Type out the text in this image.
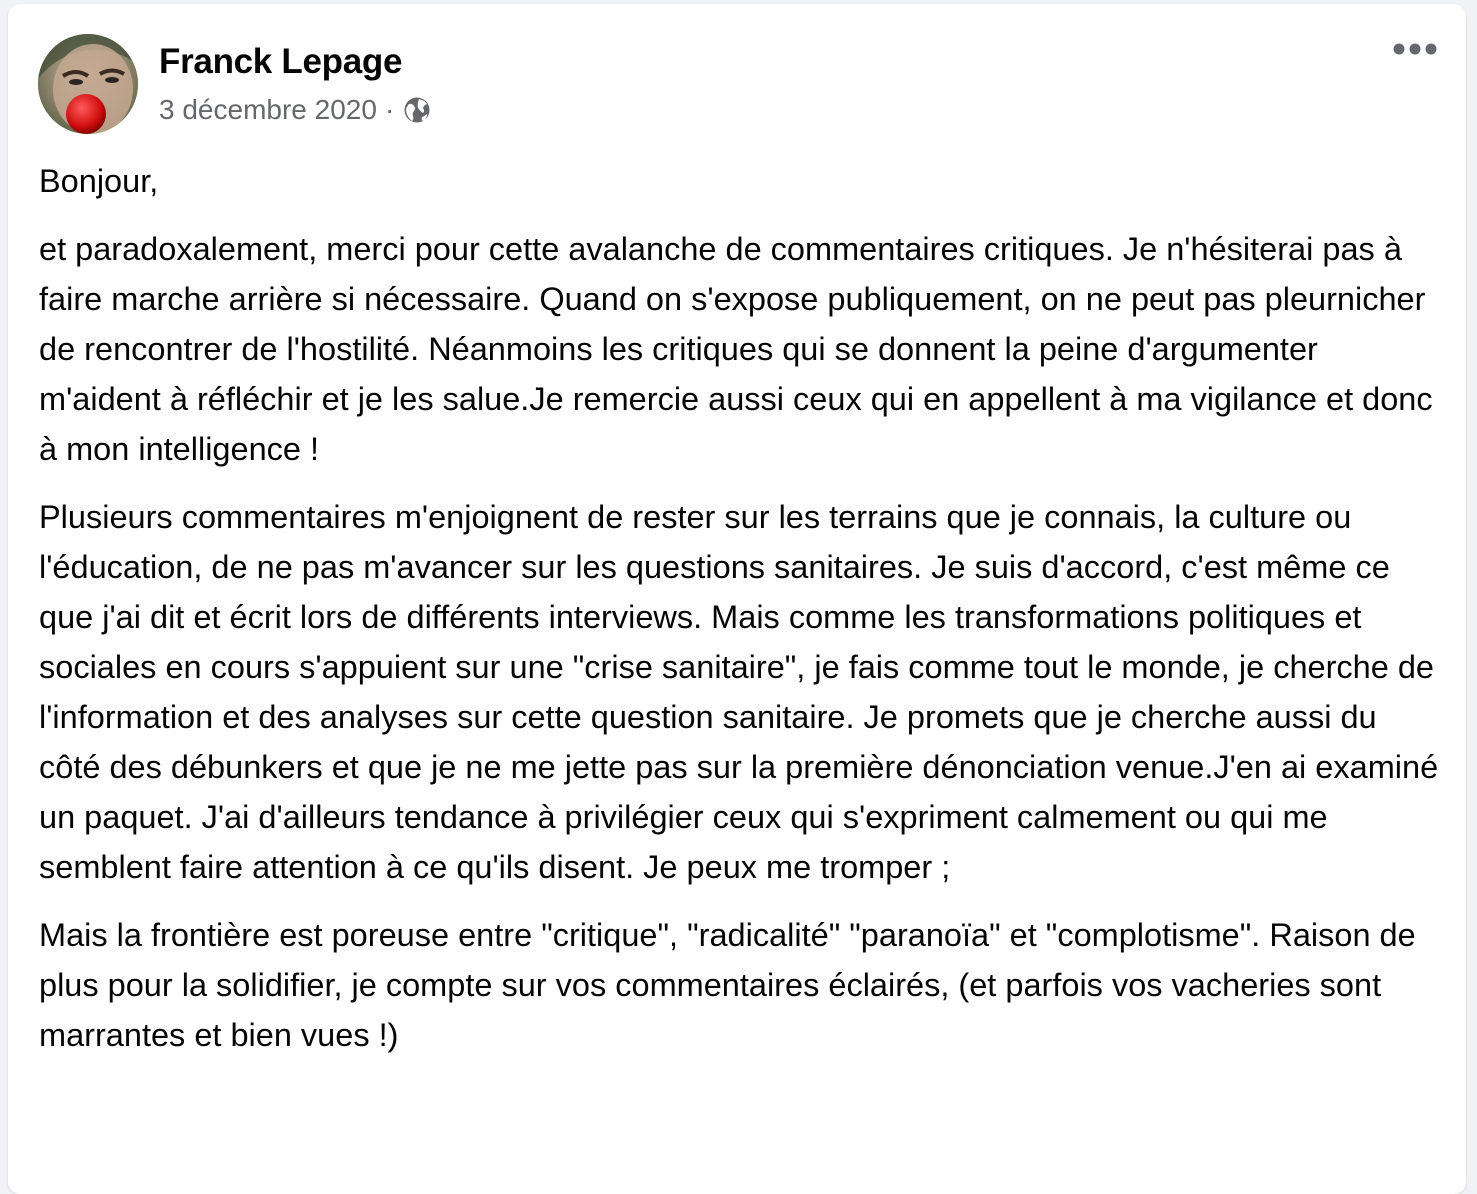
Franck Lepage
3 décembre 2020 ·

Bonjour,

et paradoxalement, merci pour cette avalanche de commentaires critiques. Je n'hésiterai pas à faire marche arrière si nécessaire. Quand on s'expose publiquement, on ne peut pas pleurnicher de rencontrer de l'hostilité. Néanmoins les critiques qui se donnent la peine d'argumenter m'aident à réfléchir et je les salue.Je remercie aussi ceux qui en appellent à ma vigilance et donc à mon intelligence !

Plusieurs commentaires m'enjoignent de rester sur les terrains que je connais, la culture ou l'éducation, de ne pas m'avancer sur les questions sanitaires. Je suis d'accord, c'est même ce que j'ai dit et écrit lors de différents interviews. Mais comme les transformations politiques et sociales en cours s'appuient sur une "crise sanitaire", je fais comme tout le monde, je cherche de l'information et des analyses sur cette question sanitaire. Je promets que je cherche aussi du côté des débunkers et que je ne me jette pas sur la première dénonciation venue.J'en ai examiné un paquet. J'ai d'ailleurs tendance à privilégier ceux qui s'expriment calmement ou qui me semblent faire attention à ce qu'ils disent. Je peux me tromper ;

Mais la frontière est poreuse entre "critique", "radicalité" "paranoïa" et "complotisme". Raison de plus pour la solidifier, je compte sur vos commentaires éclairés, (et parfois vos vacheries sont marrantes et bien vues !)
